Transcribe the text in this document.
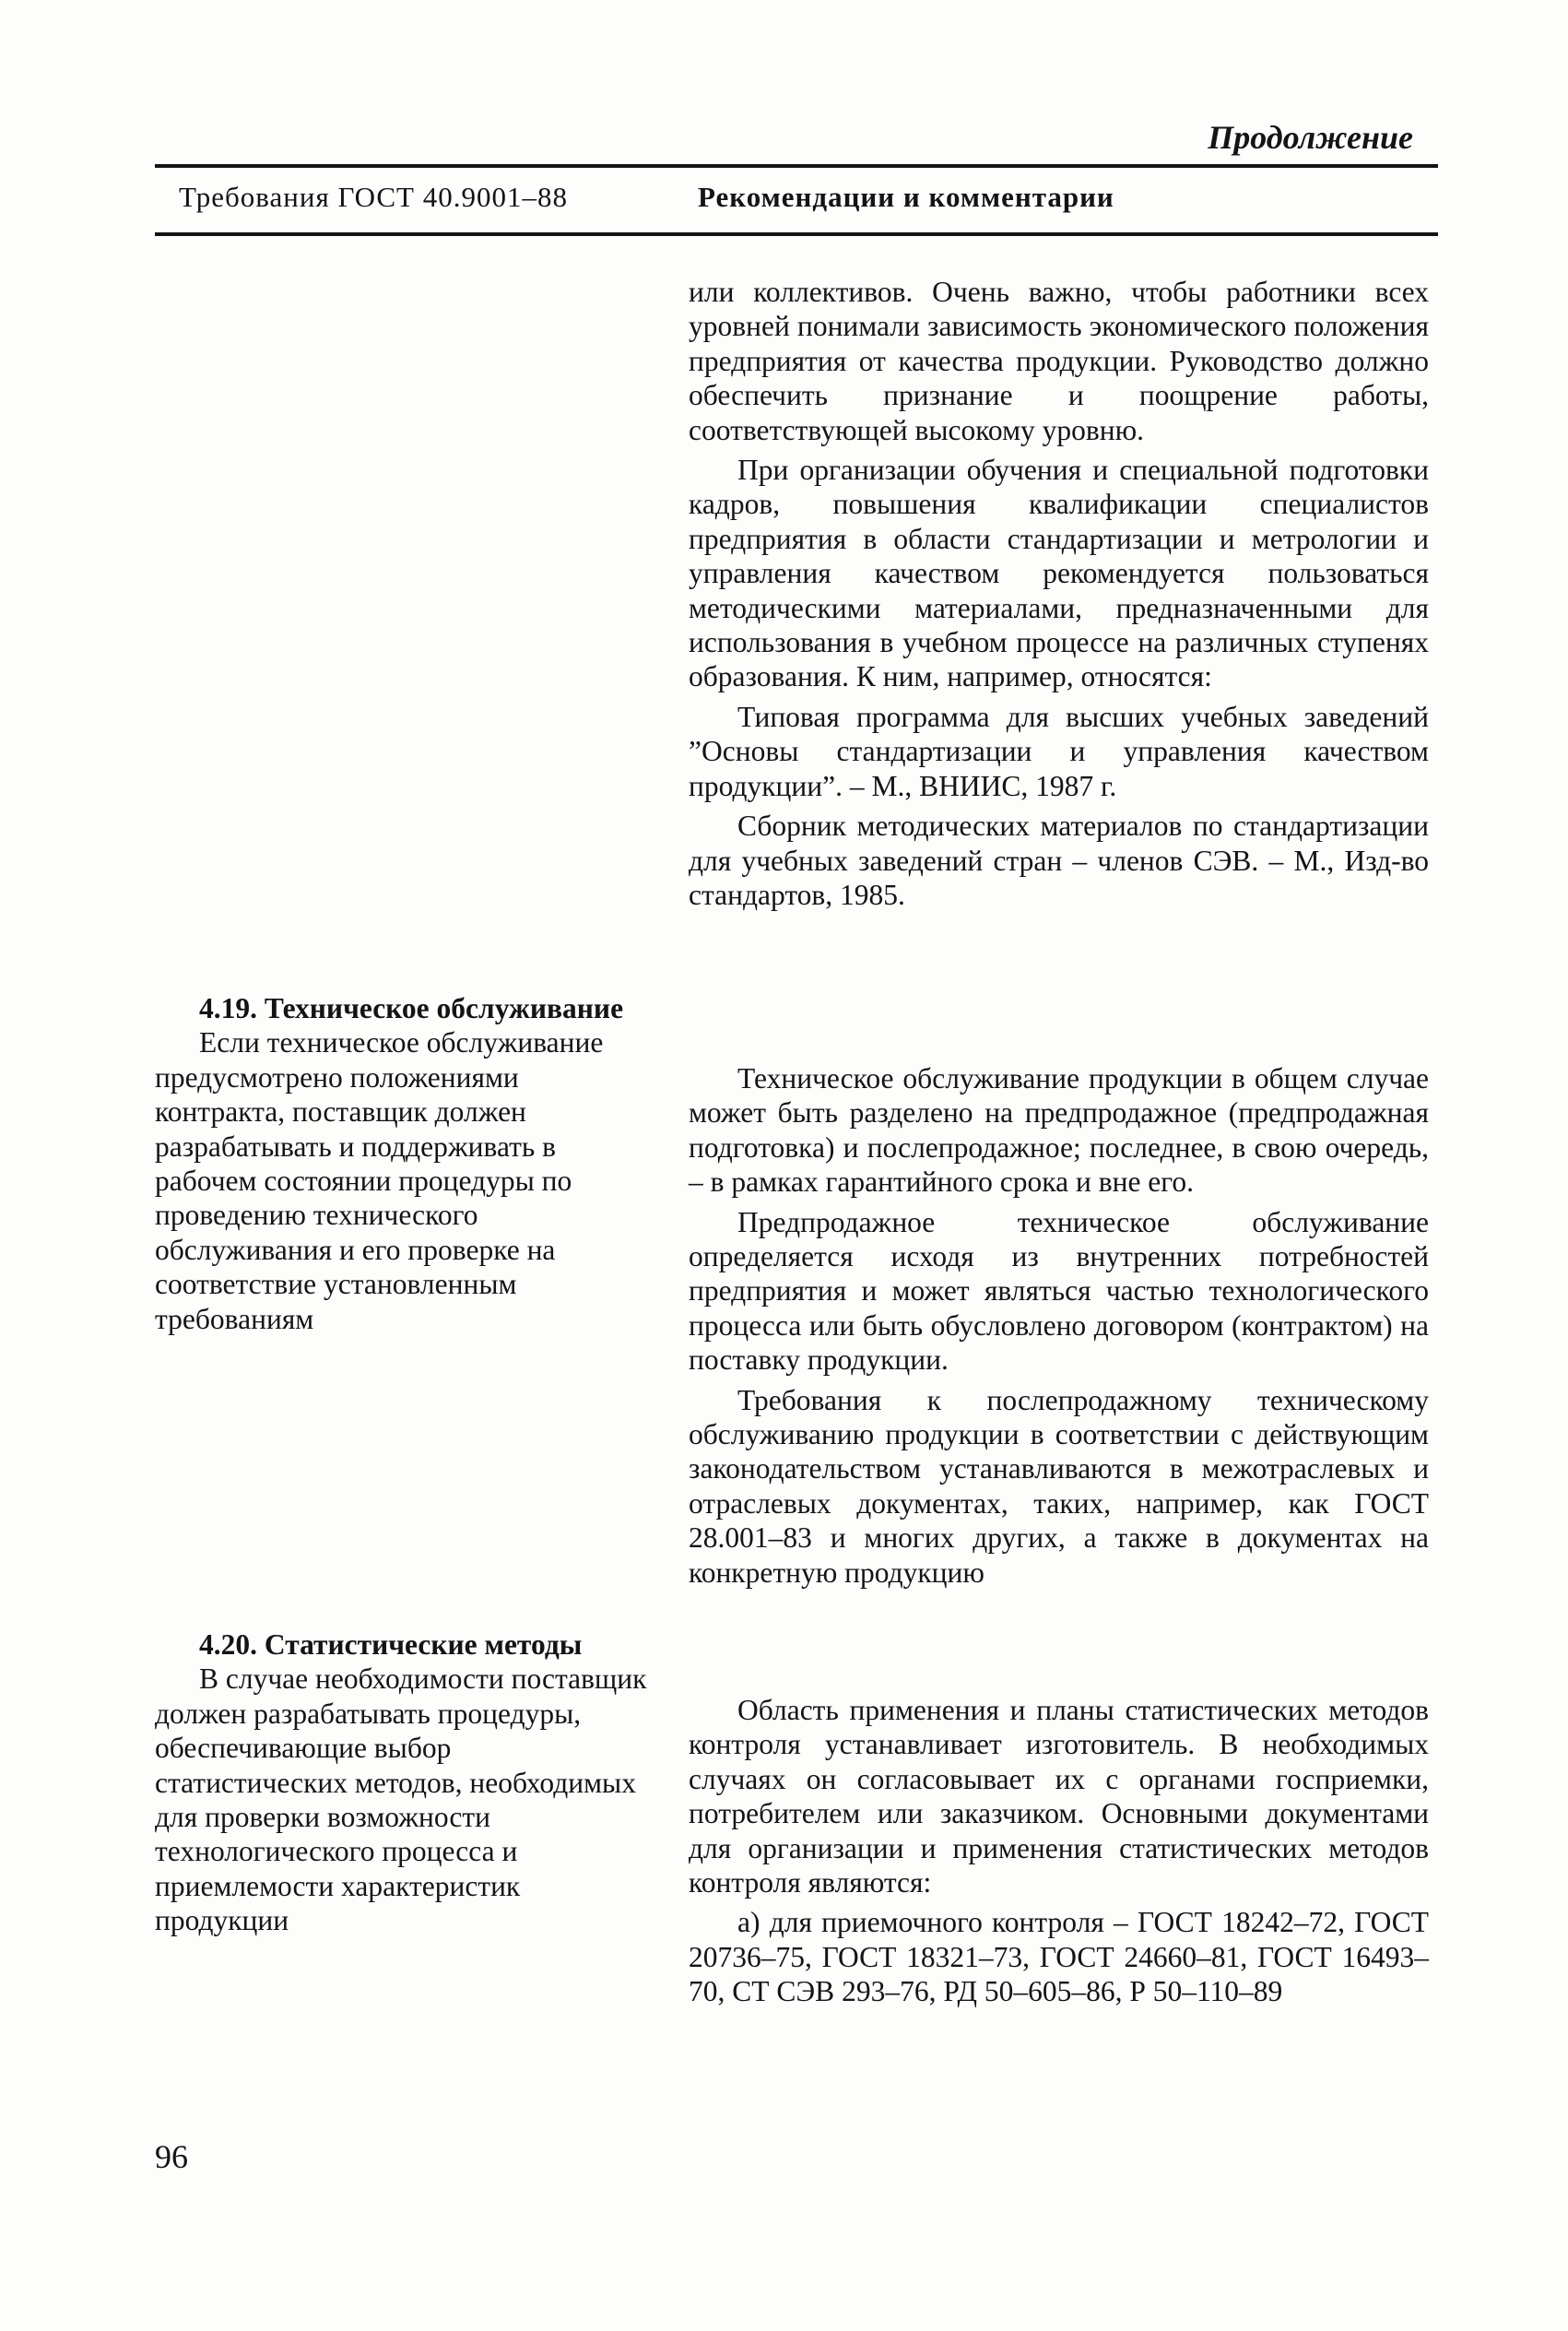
Продолжение
Требования ГОСТ 40.9001–88	Рекомендации и комментарии

или коллективов. Очень важно, чтобы работники всех уровней понимали зависимость экономического положения предприятия от качества продукции. Руководство должно обеспечить признание и поощрение работы, соответствующей высокому уровню.

При организации обучения и специальной подготовки кадров, повышения квалификации специалистов предприятия в области стандартизации и метрологии и управления качеством рекомендуется пользоваться методическими материалами, предназначенными для использования в учебном процессе на различных ступенях образования. К ним, например, относятся:

Типовая программа для высших учебных заведений ”Основы стандартизации и управления качеством продукции”. – М., ВНИИС, 1987 г.

Сборник методических материалов по стандартизации для учебных заведений стран – членов СЭВ. – М., Изд-во стандартов, 1985.

4.19. Техническое обслуживание

Если техническое обслуживание предусмотрено положениями контракта, поставщик должен разрабатывать и поддерживать в рабочем состоянии процедуры по проведению технического обслуживания и его проверке на соответствие установленным требованиям

Техническое обслуживание продукции в общем случае может быть разделено на предпродажное (предпродажная подготовка) и послепродажное; последнее, в свою очередь, – в рамках гарантийного срока и вне его.

Предпродажное техническое обслуживание определяется исходя из внутренних потребностей предприятия и может являться частью технологического процесса или быть обусловлено договором (контрактом) на поставку продукции.

Требования к послепродажному техническому обслуживанию продукции в соответствии с действующим законодательством устанавливаются в межотраслевых и отраслевых документах, таких, например, как ГОСТ 28.001–83 и многих других, а также в документах на конкретную продукцию

4.20. Статистические методы

В случае необходимости поставщик должен разрабатывать процедуры, обеспечивающие выбор статистических методов, необходимых для проверки возможности технологического процесса и приемлемости характеристик продукции

Область применения и планы статистических методов контроля устанавливает изготовитель. В необходимых случаях он согласовывает их с органами госприемки, потребителем или заказчиком. Основными документами для организации и применения статистических методов контроля являются:

а) для приемочного контроля – ГОСТ 18242–72, ГОСТ 20736–75, ГОСТ 18321–73, ГОСТ 24660–81, ГОСТ 16493–70, СТ СЭВ 293–76, РД 50–605–86, Р 50–110–89

96
